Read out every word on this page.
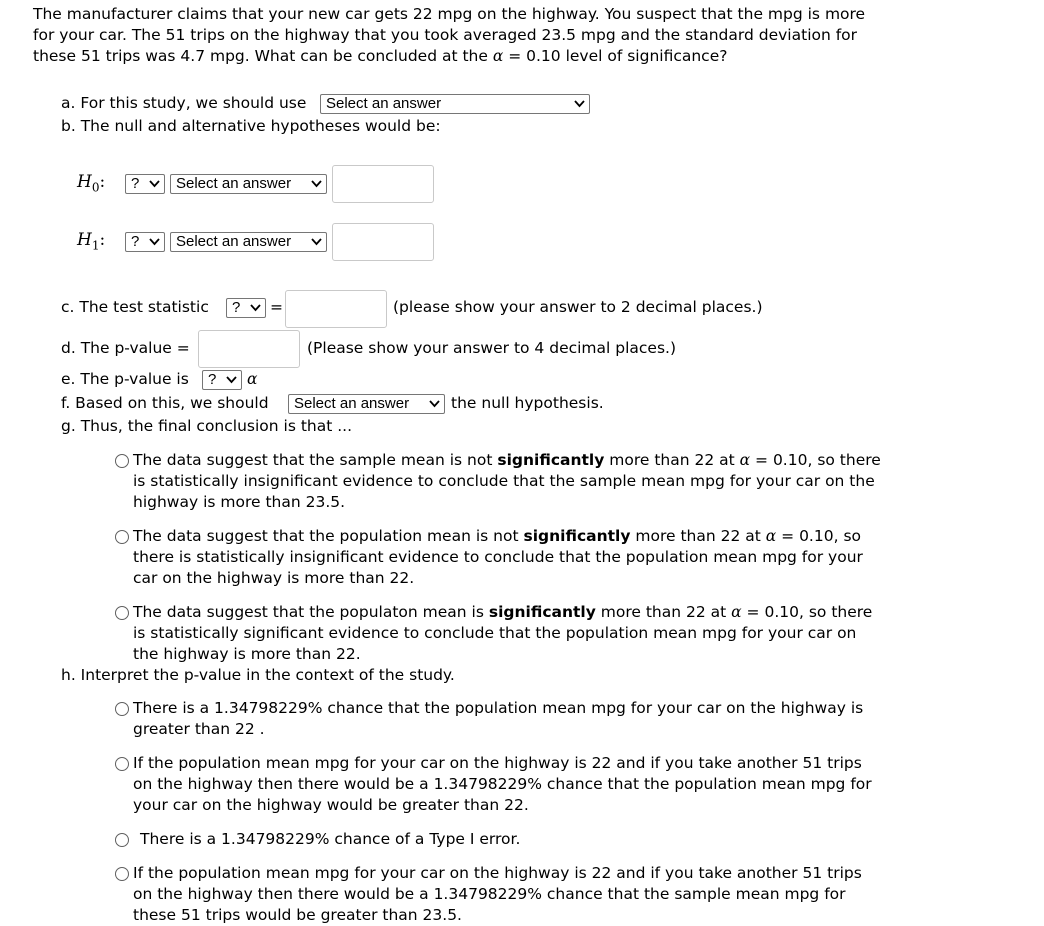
The manufacturer claims that your new car gets 22 mpg on the highway. You suspect that the mpg is more
for your car. The 51 trips on the highway that you took averaged 23.5 mpg and the standard deviation for
these 51 trips was 4.7 mpg. What can be concluded at the α = 0.10 level of significance?
a. For this study, we should use	Select an answer
b. The null and alternative hypotheses would be:
$H_0$:	?	Select an answer
$H_1$:	?	Select an answer
c. The test statistic	?	=	(please show your answer to 2 decimal places.)
d. The p-value =	(Please show your answer to 4 decimal places.)
e. The p-value is	?	α
f. Based on this, we should	Select an answer	the null hypothesis.
g. Thus, the final conclusion is that ...
The data suggest that the sample mean is not significantly more than 22 at α = 0.10, so there
is statistically insignificant evidence to conclude that the sample mean mpg for your car on the
highway is more than 23.5.
The data suggest that the population mean is not significantly more than 22 at α = 0.10, so
there is statistically insignificant evidence to conclude that the population mean mpg for your
car on the highway is more than 22.
The data suggest that the populaton mean is significantly more than 22 at α = 0.10, so there
is statistically significant evidence to conclude that the population mean mpg for your car on
the highway is more than 22.
h. Interpret the p-value in the context of the study.
There is a 1.34798229% chance that the population mean mpg for your car on the highway is
greater than 22 .
If the population mean mpg for your car on the highway is 22 and if you take another 51 trips
on the highway then there would be a 1.34798229% chance that the population mean mpg for
your car on the highway would be greater than 22.
There is a 1.34798229% chance of a Type I error.
If the population mean mpg for your car on the highway is 22 and if you take another 51 trips
on the highway then there would be a 1.34798229% chance that the sample mean mpg for
these 51 trips would be greater than 23.5.
